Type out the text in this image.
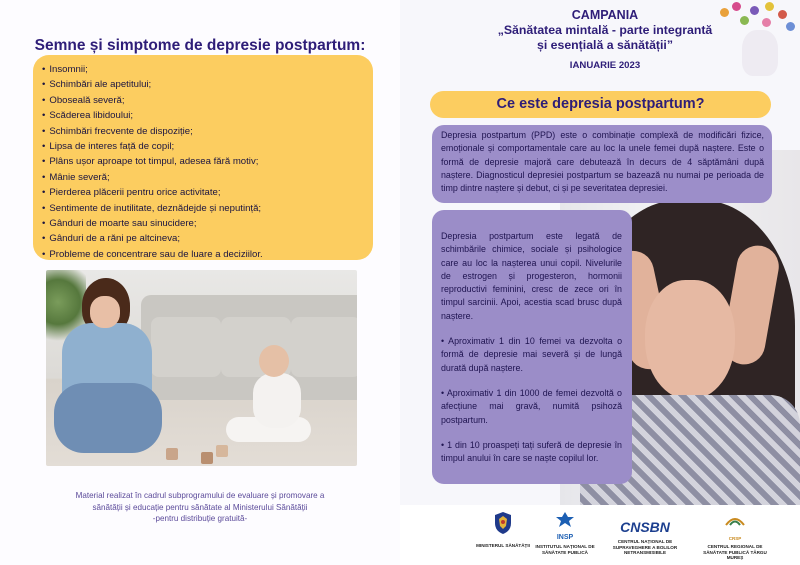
Semne și simptome de depresie postpartum:
• Insomnii;
• Schimbări ale apetitului;
• Oboseală severă;
• Scăderea libidoului;
• Schimbări frecvente de dispoziție;
• Lipsa de interes față de copil;
• Plâns ușor aproape tot timpul, adesea fără motiv;
• Mânie severă;
• Pierderea plăcerii pentru orice activitate;
• Sentimente de inutilitate, deznădejde și neputință;
• Gânduri de moarte sau sinucidere;
• Gânduri de a răni pe altcineva;
• Probleme de concentrare sau de luare a deciziilor.
Material realizat în cadrul subprogramului de evaluare și promovare a
sănătății și educație pentru sănătate al Ministerului Sănătății
-pentru distribuție gratuită-
CAMPANIA
„Sănătatea mintală - parte integrantă
și esențială a sănătății”
IANUARIE 2023
Ce este depresia postpartum?
Depresia postpartum (PPD) este o combinație complexă de modificări fizice, emoționale și comportamentale care au loc la unele femei după naștere. Este o formă de depresie majoră care debutează în decurs de 4 săptămâni după naștere. Diagnosticul depresiei postpartum se bazează nu numai pe perioada de timp dintre naștere și debut, ci și pe severitatea depresiei.

Depresia postpartum este legată de schimbările chimice, sociale și psihologice care au loc la nașterea unui copil. Nivelurile de estrogen și progesteron, hormonii reproductivi feminini, cresc de zece ori în timpul sarcinii. Apoi, acestia scad brusc după naștere.

• Aproximativ 1 din 10 femei va dezvolta o formă de depresie mai severă și de lungă durată după naștere.

• Aproximativ 1 din 1000 de femei dezvoltă o afecțiune mai gravă, numită psihoză postpartum.

• 1 din 10 proaspeți tați suferă de depresie în timpul anului în care se naște copilul lor.

MINISTERUL SĂNĂTĂȚII
INSP
INSTITUTUL NAȚIONAL DE SĂNĂTATE PUBLICĂ
CNSBN
CENTRUL NAȚIONAL DE SUPRAVEGHERE A BOLILOR NETRANSMISIBILE
CRSP
CENTRUL REGIONAL DE SĂNĂTATE PUBLICĂ TÂRGU MUREȘ
